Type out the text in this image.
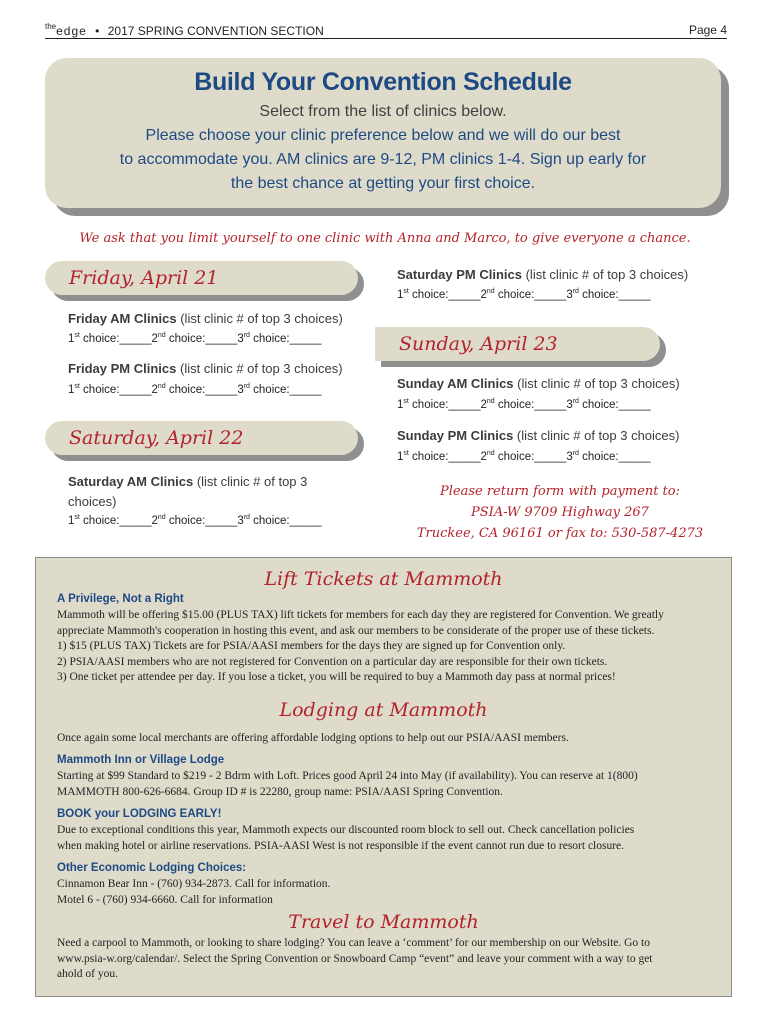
$^{the}$edge • 2017 SPRING CONVENTION SECTION	Page 4
Build Your Convention Schedule

Select from the list of clinics below.

Please choose your clinic preference below and we will do our best
to accommodate you. AM clinics are 9-12, PM clinics 1-4. Sign up early for
the best chance at getting your first choice.

We ask that you limit yourself to one clinic with Anna and Marco, to give everyone a chance.
Friday, April 21
Friday AM Clinics (list clinic # of top 3 choices)
1st choice:_____2nd choice:_____3rd choice:_____
Friday PM Clinics (list clinic # of top 3 choices)
1st choice:_____2nd choice:_____3rd choice:_____
Saturday, April 22
Saturday AM Clinics (list clinic # of top 3
choices)
1st choice:_____2nd choice:_____3rd choice:_____
Saturday PM Clinics (list clinic # of top 3 choices)
1st choice:_____2nd choice:_____3rd choice:_____
Sunday, April 23
Sunday AM Clinics (list clinic # of top 3 choices)
1st choice:_____2nd choice:_____3rd choice:_____
Sunday PM Clinics (list clinic # of top 3 choices)
1st choice:_____2nd choice:_____3rd choice:_____
Please return form with payment to:
PSIA-W 9709 Highway 267
Truckee, CA 96161 or fax to: 530-587-4273
Lift Tickets at Mammoth
A Privilege, Not a Right
Mammoth will be offering $15.00 (PLUS TAX) lift tickets for members for each day they are registered for Convention. We greatly
appreciate Mammoth's cooperation in hosting this event, and ask our members to be considerate of the proper use of these tickets.
1) $15 (PLUS TAX) Tickets are for PSIA/AASI members for the days they are signed up for Convention only.
2) PSIA/AASI members who are not registered for Convention on a particular day are responsible for their own tickets.
3) One ticket per attendee per day. If you lose a ticket, you will be required to buy a Mammoth day pass at normal prices!
Lodging at Mammoth
Once again some local merchants are offering affordable lodging options to help out our PSIA/AASI members.
Mammoth Inn or Village Lodge
Starting at $99 Standard to $219 - 2 Bdrm with Loft. Prices good April 24 into May (if availability). You can reserve at 1(800)
MAMMOTH 800-626-6684. Group ID # is 22280, group name: PSIA/AASI Spring Convention.
BOOK your LODGING EARLY!
Due to exceptional conditions this year, Mammoth expects our discounted room block to sell out. Check cancellation policies
when making hotel or airline reservations. PSIA-AASI West is not responsible if the event cannot run due to resort closure.
Other Economic Lodging Choices:
Cinnamon Bear Inn - (760) 934-2873. Call for information.
Motel 6 - (760) 934-6660. Call for information
Travel to Mammoth
Need a carpool to Mammoth, or looking to share lodging? You can leave a ‘comment’ for our membership on our Website. Go to
www.psia-w.org/calendar/. Select the Spring Convention or Snowboard Camp “event” and leave your comment with a way to get
ahold of you.
